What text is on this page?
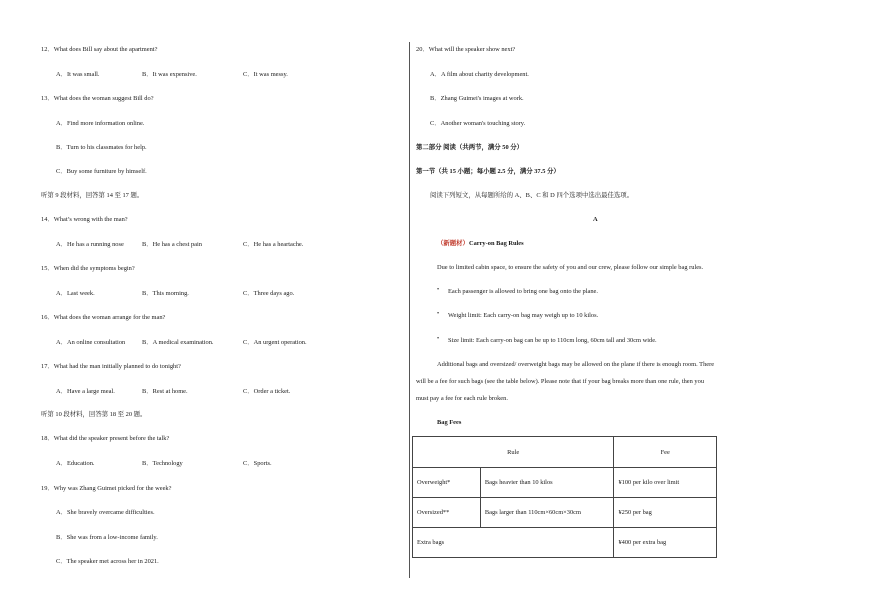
12．What does Bill say about the apartment?
A．It was small.	B．It was expensive.	C．It was messy.
13．What does the woman suggest Bill do?
A．Find more information online.
B．Turn to his classmates for help.
C．Buy some furniture by himself.
听第 9 段材料，回答第 14 至 17 题。
14．What’s wrong with the man?
A．He has a running nose	B．He has a chest pain	C．He has a heartache.
15．When did the symptoms begin?
A．Last week.	B．This morning.	C．Three days ago.
16．What does the woman arrange for the man?
A．An online consultation	B．A medical examination.	C．An urgent operation.
17．What had the man initially planned to do tonight?
A．Have a large meal.	B．Rest at home.	C．Order a ticket.
听第 10 段材料，回答第 18 至 20 题。
18．What did the speaker present before the talk?
A．Education.	B．Technology	C．Sports.
19．Why was Zhang Guimei picked for the week?
A．She bravely overcame difficulties.
B．She was from a low-income family.
C．The speaker met across her in 2021.
20．What will the speaker show next?
A．A film about charity development.
B．Zhang Guimei's images at work.
C．Another woman's touching story.
第二部分 阅读（共两节，满分 50 分）
第一节（共 15 小题；每小题 2.5 分，满分 37.5 分）
阅读下列短文，从每题所给的 A、B、C 和 D 四个选项中选出最佳选项。
A
（新题材）Carry-on Bag Rules
Due to limited cabin space, to ensure the safety of you and our crew, please follow our simple bag rules.
• Each passenger is allowed to bring one bag onto the plane.
• Weight limit: Each carry-on bag may weigh up to 10 kilos.
• Size limit: Each carry-on bag can be up to 110cm long, 60cm tall and 30cm wide.
Additional bags and oversized/ overweight bags may be allowed on the plane if there is enough room. There
will be a fee for such bags (see the table below). Please note that if your bag breaks more than one rule, then you
must pay a fee for each rule broken.
Bag Fees
Rule		Fee
Overweight*	Bags heavier than 10 kilos	¥100 per kilo over limit
Oversized**	Bags larger than 110cm×60cm×30cm	¥250 per bag
Extra bags		¥400 per extra bag
